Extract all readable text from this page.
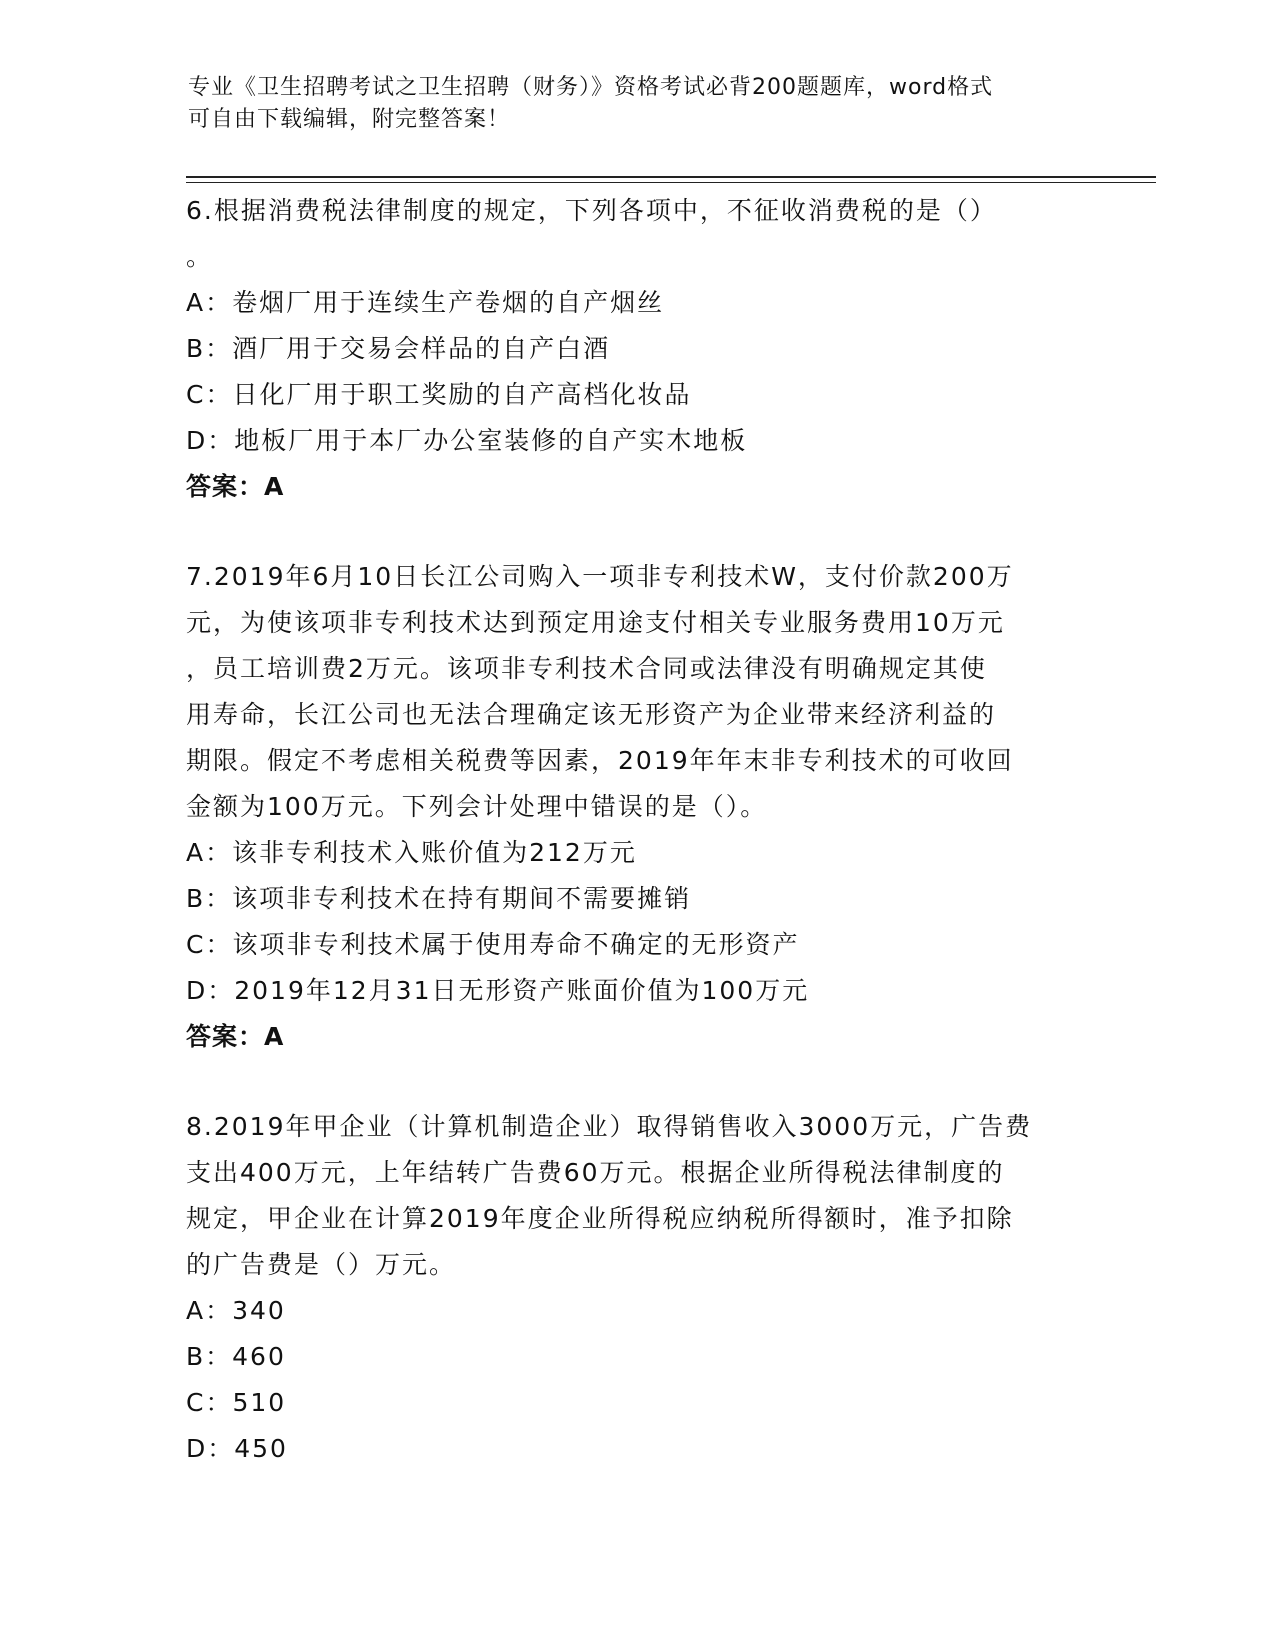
专业《卫生招聘考试之卫生招聘（财务）》资格考试必背200题题库，word格式
可自由下载编辑，附完整答案！
6.根据消费税法律制度的规定，下列各项中，不征收消费税的是（）
。
A：卷烟厂用于连续生产卷烟的自产烟丝
B：酒厂用于交易会样品的自产白酒
C：日化厂用于职工奖励的自产高档化妆品
D：地板厂用于本厂办公室装修的自产实木地板
答案：A
7.2019年6月10日长江公司购入一项非专利技术W，支付价款200万
元，为使该项非专利技术达到预定用途支付相关专业服务费用10万元
，员工培训费2万元。该项非专利技术合同或法律没有明确规定其使
用寿命，长江公司也无法合理确定该无形资产为企业带来经济利益的
期限。假定不考虑相关税费等因素，2019年年末非专利技术的可收回
金额为100万元。下列会计处理中错误的是（）。
A：该非专利技术入账价值为212万元
B：该项非专利技术在持有期间不需要摊销
C：该项非专利技术属于使用寿命不确定的无形资产
D：2019年12月31日无形资产账面价值为100万元
答案：A
8.2019年甲企业（计算机制造企业）取得销售收入3000万元，广告费
支出400万元，上年结转广告费60万元。根据企业所得税法律制度的
规定，甲企业在计算2019年度企业所得税应纳税所得额时，准予扣除
的广告费是（）万元。
A：340
B：460
C：510
D：450
